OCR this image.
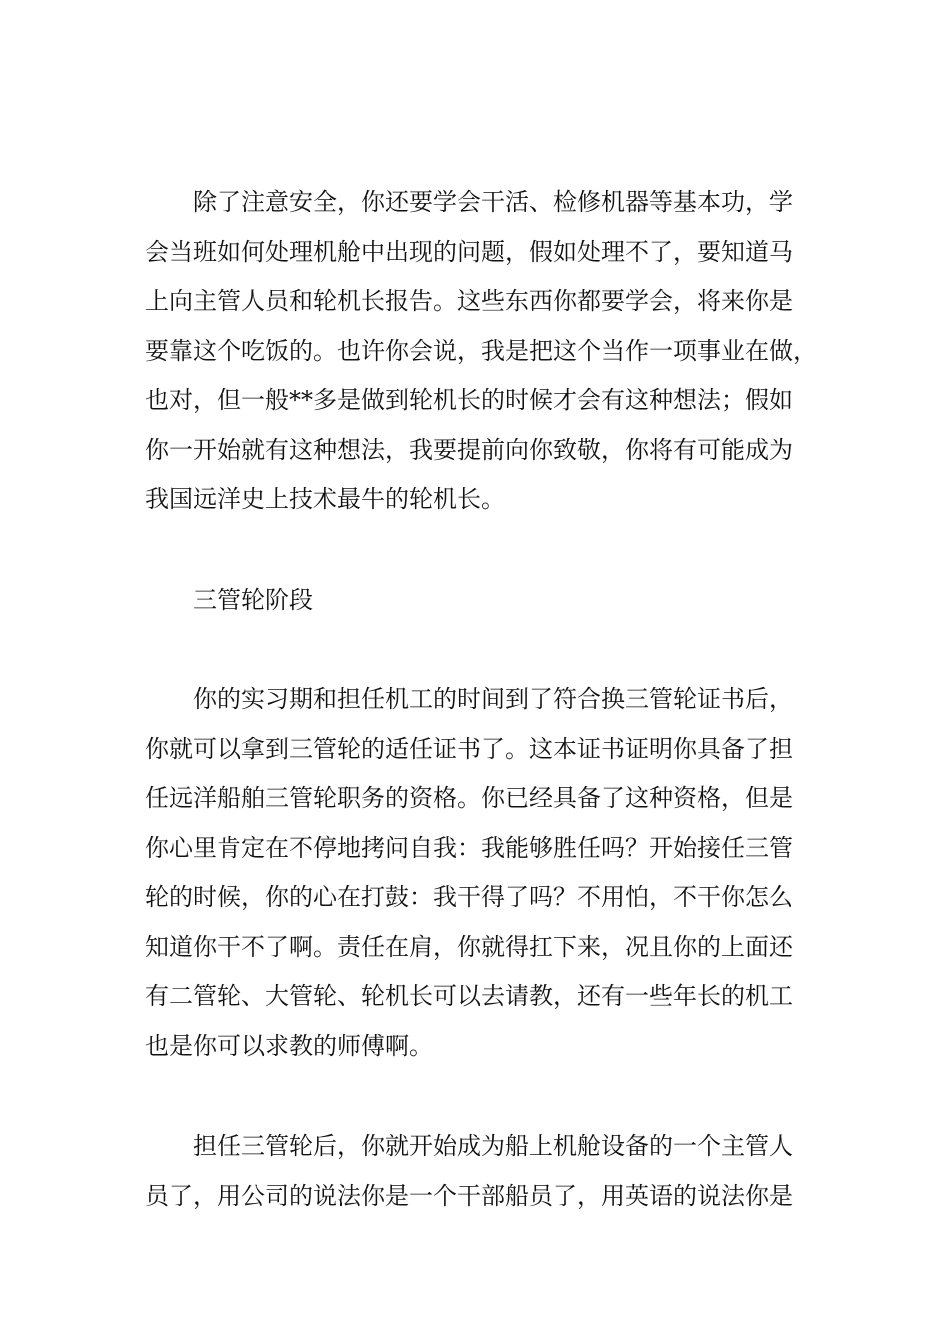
除了注意安全，你还要学会干活、检修机器等基本功，学
会当班如何处理机舱中出现的问题，假如处理不了，要知道马
上向主管人员和轮机长报告。这些东西你都要学会，将来你是
要靠这个吃饭的。也许你会说，我是把这个当作一项事业在做，
也对，但一般**多是做到轮机长的时候才会有这种想法；假如
你一开始就有这种想法，我要提前向你致敬，你将有可能成为
我国远洋史上技术最牛的轮机长。

三管轮阶段

你的实习期和担任机工的时间到了符合换三管轮证书后，
你就可以拿到三管轮的适任证书了。这本证书证明你具备了担
任远洋船舶三管轮职务的资格。你已经具备了这种资格，但是
你心里肯定在不停地拷问自我：我能够胜任吗？开始接任三管
轮的时候，你的心在打鼓：我干得了吗？不用怕，不干你怎么
知道你干不了啊。责任在肩，你就得扛下来，况且你的上面还
有二管轮、大管轮、轮机长可以去请教，还有一些年长的机工
也是你可以求教的师傅啊。

担任三管轮后，你就开始成为船上机舱设备的一个主管人
员了，用公司的说法你是一个干部船员了，用英语的说法你是
